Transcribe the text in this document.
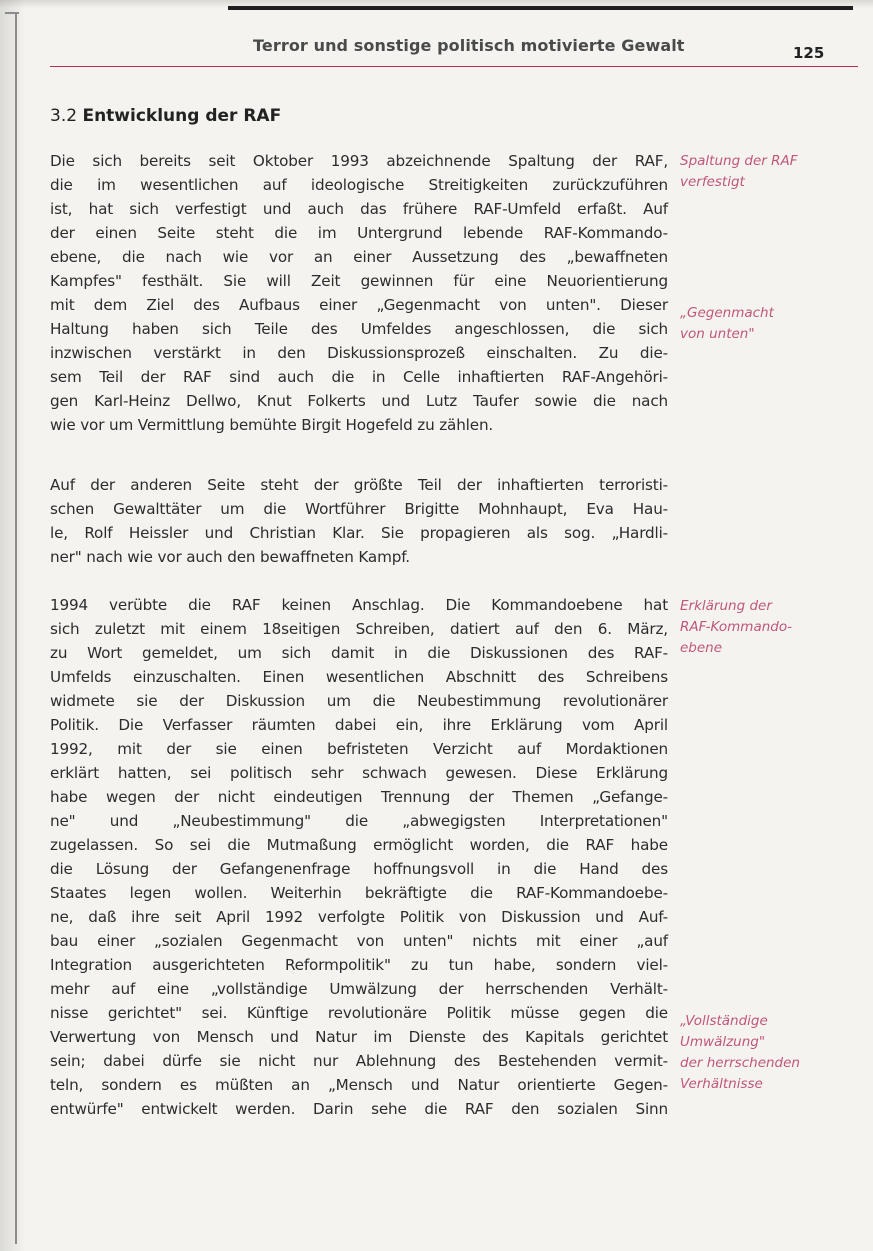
Terror und sonstige politisch motivierte Gewalt	125
3.2 Entwicklung der RAF
Die sich bereits seit Oktober 1993 abzeichnende Spaltung der RAF,
die im wesentlichen auf ideologische Streitigkeiten zurückzuführen
ist, hat sich verfestigt und auch das frühere RAF-Umfeld erfaßt. Auf
der einen Seite steht die im Untergrund lebende RAF-Kommando-
ebene, die nach wie vor an einer Aussetzung des „bewaffneten
Kampfes" festhält. Sie will Zeit gewinnen für eine Neuorientierung
mit dem Ziel des Aufbaus einer „Gegenmacht von unten". Dieser
Haltung haben sich Teile des Umfeldes angeschlossen, die sich
inzwischen verstärkt in den Diskussionsprozeß einschalten. Zu die-
sem Teil der RAF sind auch die in Celle inhaftierten RAF-Angehöri-
gen Karl-Heinz Dellwo, Knut Folkerts und Lutz Taufer sowie die nach
wie vor um Vermittlung bemühte Birgit Hogefeld zu zählen.
Auf der anderen Seite steht der größte Teil der inhaftierten terroristi-
schen Gewalttäter um die Wortführer Brigitte Mohnhaupt, Eva Hau-
le, Rolf Heissler und Christian Klar. Sie propagieren als sog. „Hardli-
ner" nach wie vor auch den bewaffneten Kampf.
1994 verübte die RAF keinen Anschlag. Die Kommandoebene hat
sich zuletzt mit einem 18seitigen Schreiben, datiert auf den 6. März,
zu Wort gemeldet, um sich damit in die Diskussionen des RAF-
Umfelds einzuschalten. Einen wesentlichen Abschnitt des Schreibens
widmete sie der Diskussion um die Neubestimmung revolutionärer
Politik. Die Verfasser räumten dabei ein, ihre Erklärung vom April
1992, mit der sie einen befristeten Verzicht auf Mordaktionen
erklärt hatten, sei politisch sehr schwach gewesen. Diese Erklärung
habe wegen der nicht eindeutigen Trennung der Themen „Gefange-
ne" und „Neubestimmung" die „abwegigsten Interpretationen"
zugelassen. So sei die Mutmaßung ermöglicht worden, die RAF habe
die Lösung der Gefangenenfrage hoffnungsvoll in die Hand des
Staates legen wollen. Weiterhin bekräftigte die RAF-Kommandoebe-
ne, daß ihre seit April 1992 verfolgte Politik von Diskussion und Auf-
bau einer „sozialen Gegenmacht von unten" nichts mit einer „auf
Integration ausgerichteten Reformpolitik" zu tun habe, sondern viel-
mehr auf eine „vollständige Umwälzung der herrschenden Verhält-
nisse gerichtet" sei. Künftige revolutionäre Politik müsse gegen die
Verwertung von Mensch und Natur im Dienste des Kapitals gerichtet
sein; dabei dürfe sie nicht nur Ablehnung des Bestehenden vermit-
teln, sondern es müßten an „Mensch und Natur orientierte Gegen-
entwürfe" entwickelt werden. Darin sehe die RAF den sozialen Sinn
Spaltung der RAF
verfestigt
„Gegenmacht
von unten"
Erklärung der
RAF-Kommando-
ebene
„Vollständige
Umwälzung"
der herrschenden
Verhältnisse
